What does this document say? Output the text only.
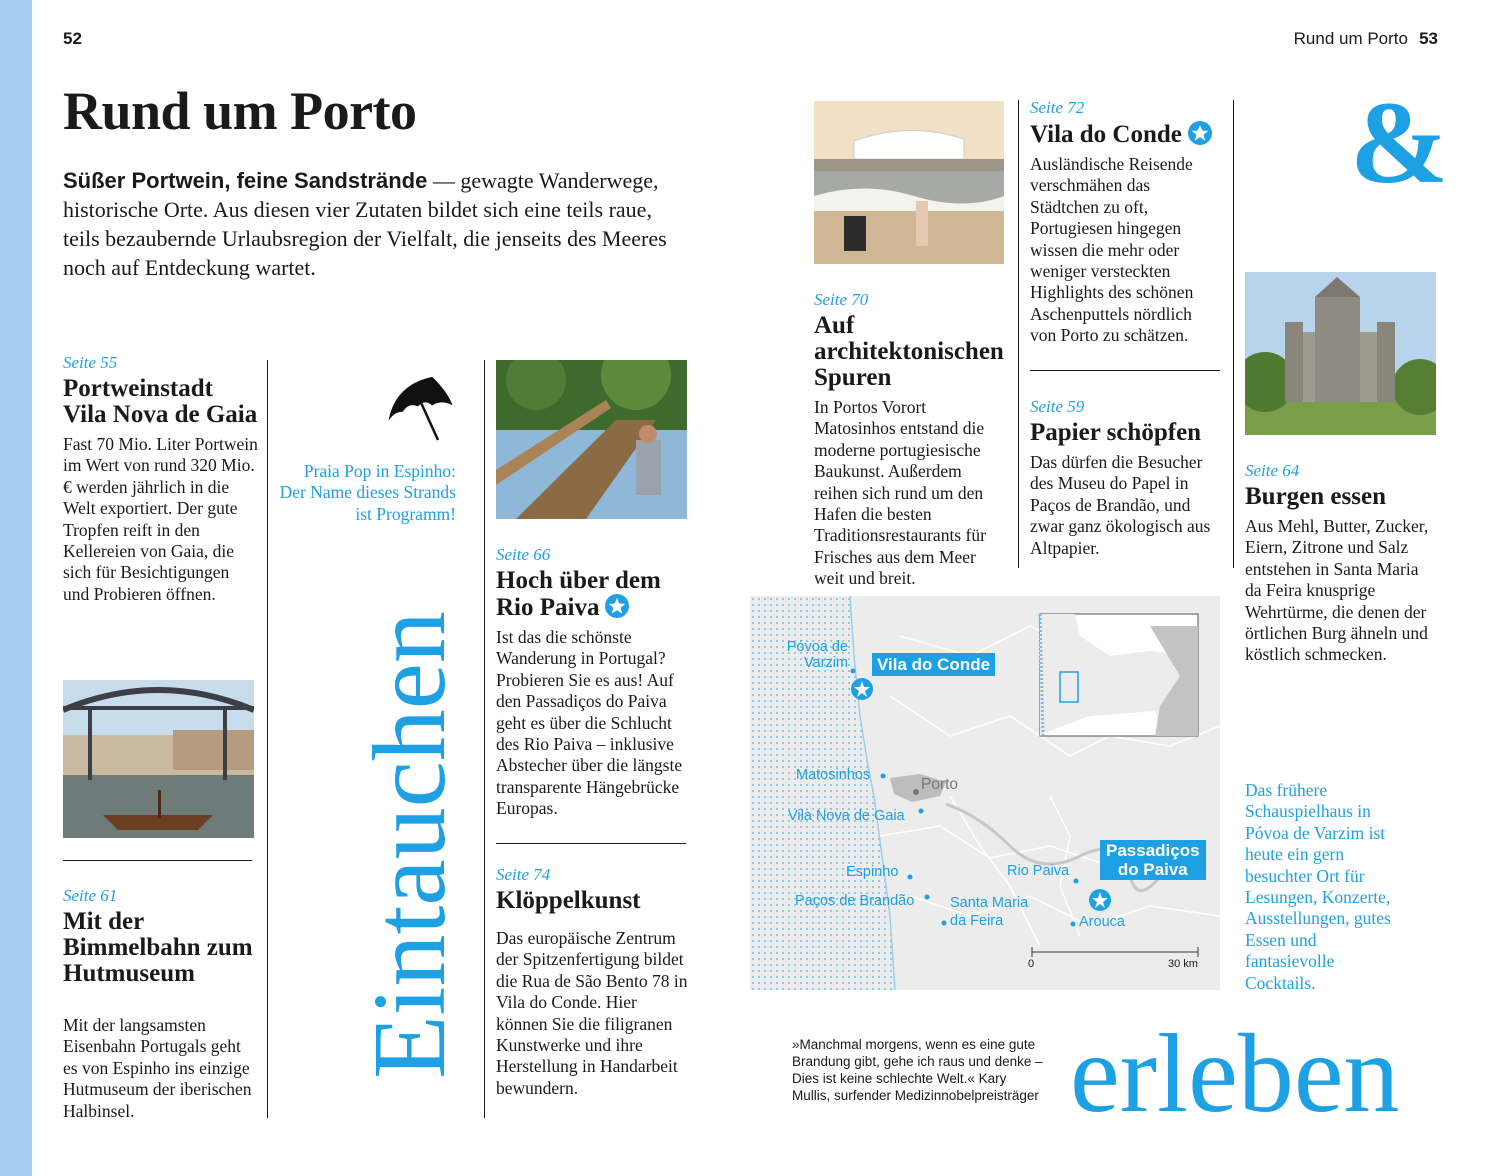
52	Rund um Porto 53
Rund um Porto

Süßer Portwein, feine Sandstrände — gewagte Wanderwege, historische Orte. Aus diesen vier Zutaten bildet sich eine teils raue, teils bezaubernde Urlaubsregion der Vielfalt, die jenseits des Meeres noch auf Entdeckung wartet.

Seite 55
Portweinstadt Vila Nova de Gaia
Fast 70 Mio. Liter Portwein im Wert von rund 320 Mio. € werden jährlich in die Welt exportiert. Der gute Tropfen reift in den Kellereien von Gaia, die sich für Besichtigungen und Probieren öffnen.
Seite 61
Mit der Bimmelbahn zum Hutmuseum
Mit der langsamsten Eisenbahn Portugals geht es von Espinho ins einzige Hutmuseum der iberischen Halbinsel.
Praia Pop in Espinho: Der Name dieses Strands ist Programm!
Eintauchen
Seite 66
Hoch über dem Rio Paiva
Ist das die schönste Wanderung in Portugal? Probieren Sie es aus! Auf den Passadiços do Paiva geht es über die Schlucht des Rio Paiva – inklusive Abstecher über die längste transparente Hängebrücke Europas.
Seite 74
Klöppelkunst
Das europäische Zentrum der Spitzenfertigung bildet die Rua de São Bento 78 in Vila do Conde. Hier können Sie die filigranen Kunstwerke und ihre Herstellung in Handarbeit bewundern.
Seite 70
Auf architektonischen Spuren
In Portos Vorort Matosinhos entstand die moderne portugiesische Baukunst. Außerdem reihen sich rund um den Hafen die besten Traditionsrestaurants für Frisches aus dem Meer weit und breit.
Seite 72
Vila do Conde
Ausländische Reisende verschmähen das Städtchen zu oft, Portugiesen hingegen wissen die mehr oder weniger versteckten Highlights des schönen Aschenputtels nördlich von Porto zu schätzen.
Seite 59
Papier schöpfen
Das dürfen die Besucher des Museu do Papel in Paços de Brandão, und zwar ganz ökologisch aus Altpapier.
&
Seite 64
Burgen essen
Aus Mehl, Butter, Zucker, Eiern, Zitrone und Salz entstehen in Santa Maria da Feira knusprige Wehrtürme, die denen der örtlichen Burg ähneln und köstlich schmecken.
Das frühere Schauspielhaus in Póvoa de Varzim ist heute ein gern besuchter Ort für Lesungen, Konzerte, Ausstellungen, gutes Essen und fantasievolle Cocktails.
Póvoa de
Varzim Vila do Conde
Matosinhos
Porto
Vila Nova de Gaia
Espinho
Paços de Brandão Santa Maria
da Feira
Rio Paiva
Passadiços
do Paiva
Arouca
0	30 km
»Manchmal morgens, wenn es eine gute Brandung gibt, gehe ich raus und denke – Dies ist keine schlechte Welt.« Kary Mullis, surfender Medizinnobelpreisträger erleben
